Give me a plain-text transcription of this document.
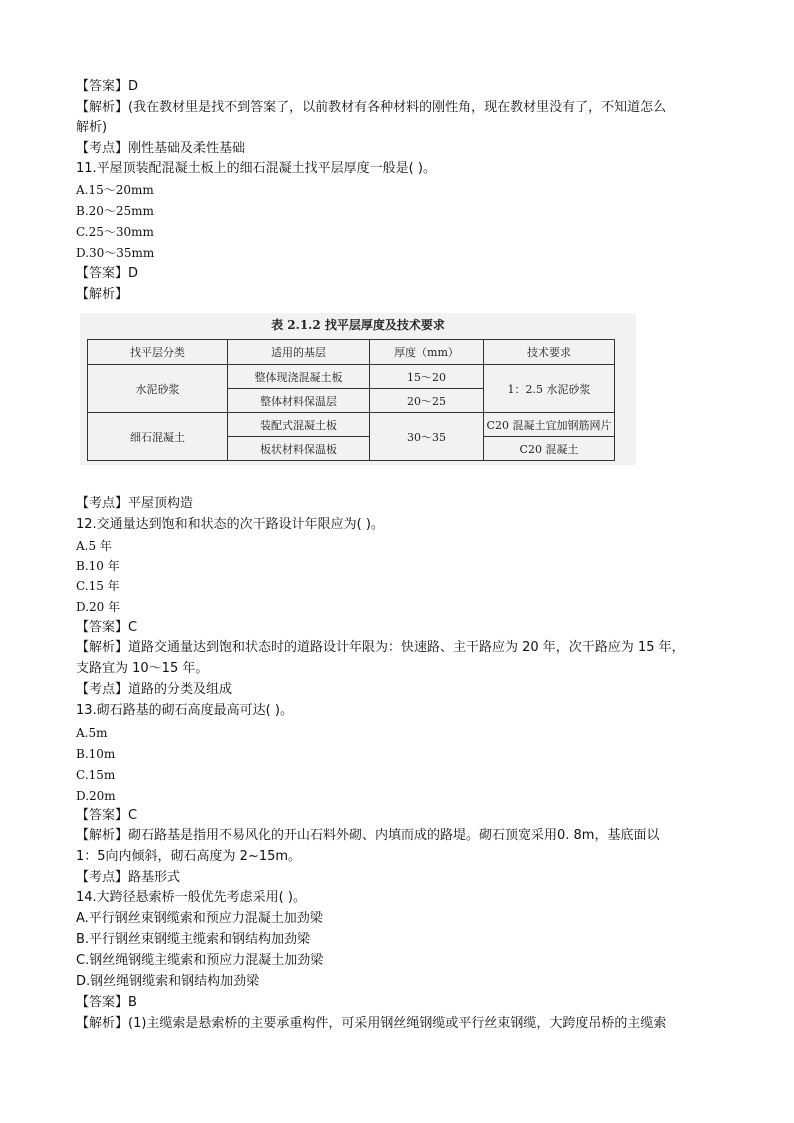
【答案】D
【解析】(我在教材里是找不到答案了，以前教材有各种材料的刚性角，现在教材里没有了，不知道怎么
解析)
【考点】刚性基础及柔性基础
11.平屋顶装配混凝土板上的细石混凝土找平层厚度一般是( )。
A.15～20mm
B.20～25mm
C.25～30mm
D.30～35mm
【答案】D
【解析】
表 2.1.2 找平层厚度及技术要求
找平层分类	适用的基层	厚度（mm）	技术要求
水泥砂浆	整体现浇混凝土板	15～20	1：2.5 水泥砂浆
	整体材料保温层	20～25	
细石混凝土	装配式混凝土板	30～35	C20 混凝土宜加钢筋网片
	板状材料保温板		C20 混凝土
【考点】平屋顶构造
12.交通量达到饱和和状态的次干路设计年限应为( )。
A.5 年
B.10 年
C.15 年
D.20 年
【答案】C
【解析】道路交通量达到饱和状态时的道路设计年限为：快速路、主干路应为 20 年，次干路应为 15 年，
支路宜为 10～15 年。
【考点】道路的分类及组成
13.砌石路基的砌石高度最高可达( )。
A.5m
B.10m
C.15m
D.20m
【答案】C
【解析】砌石路基是指用不易风化的开山石料外砌、内填而成的路堤。砌石顶宽采用0. 8m，基底面以
1：5向内倾斜，砌石高度为 2~15m。
【考点】路基形式
14.大跨径悬索桥一般优先考虑采用( )。
A.平行钢丝束钢缆索和预应力混凝土加劲梁
B.平行钢丝束钢缆主缆索和钢结构加劲梁
C.钢丝绳钢缆主缆索和预应力混凝土加劲梁
D.钢丝绳钢缆索和钢结构加劲梁
【答案】B
【解析】(1)主缆索是悬索桥的主要承重构件，可采用钢丝绳钢缆或平行丝束钢缆，大跨度吊桥的主缆索
